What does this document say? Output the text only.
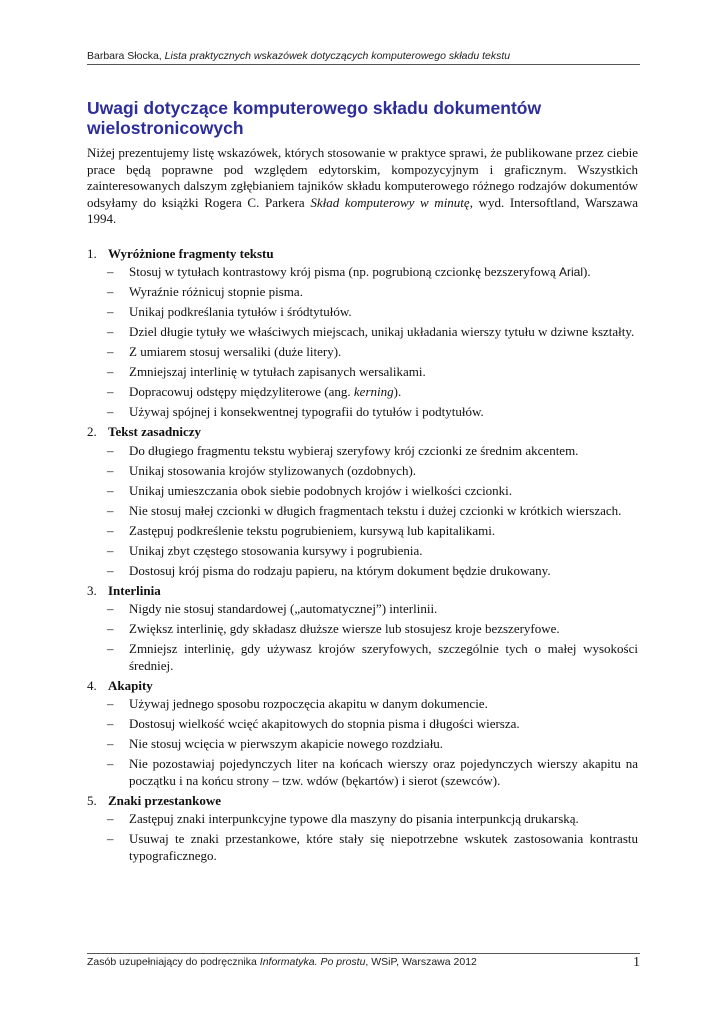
Barbara Słocka, Lista praktycznych wskazówek dotyczących komputerowego składu tekstu
Uwagi dotyczące komputerowego składu dokumentów wielostronicowych

Niżej prezentujemy listę wskazówek, których stosowanie w praktyce sprawi, że publikowane przez ciebie prace będą poprawne pod względem edytorskim, kompozycyjnym i graficznym. Wszystkich zainteresowanych dalszym zgłębianiem tajników składu komputerowego różnego rodzajów dokumentów odsyłamy do książki Rogera C. Parkera Skład komputerowy w minutę, wyd. Intersoftland, Warszawa 1994.

1. Wyróżnione fragmenty tekstu
– Stosuj w tytułach kontrastowy krój pisma (np. pogrubioną czcionkę bezszeryfową Arial).
– Wyraźnie różnicuj stopnie pisma.
– Unikaj podkreślania tytułów i śródtytułów.
– Dziel długie tytuły we właściwych miejscach, unikaj układania wierszy tytułu w dziwne kształty.
– Z umiarem stosuj wersaliki (duże litery).
– Zmniejszaj interlinię w tytułach zapisanych wersalikami.
– Dopracowuj odstępy międzyliterowe (ang. kerning).
– Używaj spójnej i konsekwentnej typografii do tytułów i podtytułów.
2. Tekst zasadniczy
– Do długiego fragmentu tekstu wybieraj szeryfowy krój czcionki ze średnim akcentem.
– Unikaj stosowania krojów stylizowanych (ozdobnych).
– Unikaj umieszczania obok siebie podobnych krojów i wielkości czcionki.
– Nie stosuj małej czcionki w długich fragmentach tekstu i dużej czcionki w krótkich wierszach.
– Zastępuj podkreślenie tekstu pogrubieniem, kursywą lub kapitalikami.
– Unikaj zbyt częstego stosowania kursywy i pogrubienia.
– Dostosuj krój pisma do rodzaju papieru, na którym dokument będzie drukowany.
3. Interlinia
– Nigdy nie stosuj standardowej („automatycznej”) interlinii.
– Zwiększ interlinię, gdy składasz dłuższe wiersze lub stosujesz kroje bezszeryfowe.
– Zmniejsz interlinię, gdy używasz krojów szeryfowych, szczególnie tych o małej wysokości średniej.
4. Akapity
– Używaj jednego sposobu rozpoczęcia akapitu w danym dokumencie.
– Dostosuj wielkość wcięć akapitowych do stopnia pisma i długości wiersza.
– Nie stosuj wcięcia w pierwszym akapicie nowego rozdziału.
– Nie pozostawiaj pojedynczych liter na końcach wierszy oraz pojedynczych wierszy akapitu na początku i na końcu strony – tzw. wdów (bękartów) i sierot (szewców).
5. Znaki przestankowe
– Zastępuj znaki interpunkcyjne typowe dla maszyny do pisania interpunkcją drukarską.
– Usuwaj te znaki przestankowe, które stały się niepotrzebne wskutek zastosowania kontrastu typograficznego.
Zasób uzupełniający do podręcznika Informatyka. Po prostu, WSiP, Warszawa 2012	1
